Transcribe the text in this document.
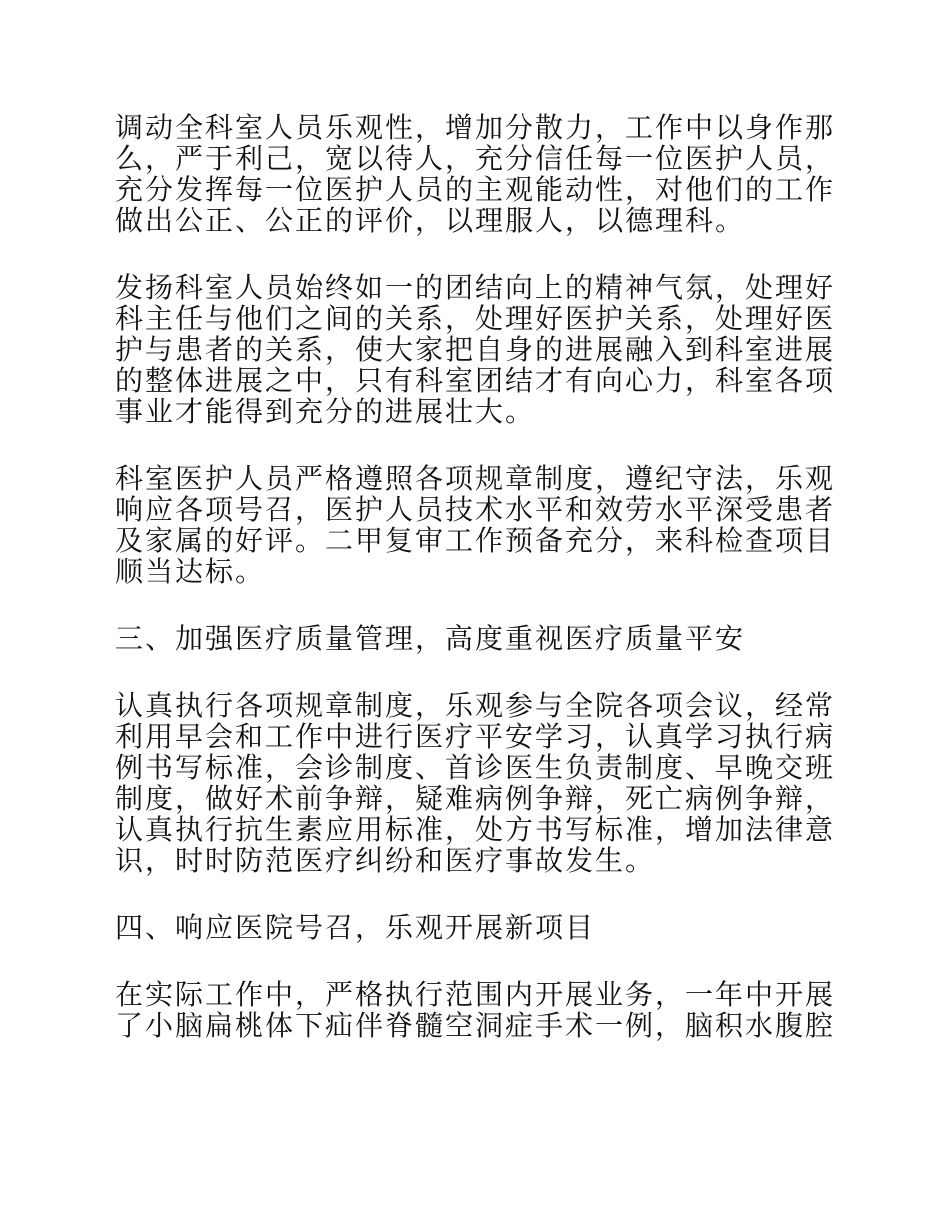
调动全科室人员乐观性，增加分散力，工作中以身作那
么，严于利己，宽以待人，充分信任每一位医护人员，
充分发挥每一位医护人员的主观能动性，对他们的工作
做出公正、公正的评价，以理服人，以德理科。
发扬科室人员始终如一的团结向上的精神气氛，处理好
科主任与他们之间的关系，处理好医护关系，处理好医
护与患者的关系，使大家把自身的进展融入到科室进展
的整体进展之中，只有科室团结才有向心力，科室各项
事业才能得到充分的进展壮大。
科室医护人员严格遵照各项规章制度，遵纪守法，乐观
响应各项号召，医护人员技术水平和效劳水平深受患者
及家属的好评。二甲复审工作预备充分，来科检查项目
顺当达标。
三、加强医疗质量管理，高度重视医疗质量平安
认真执行各项规章制度，乐观参与全院各项会议，经常
利用早会和工作中进行医疗平安学习，认真学习执行病
例书写标准，会诊制度、首诊医生负责制度、早晚交班
制度，做好术前争辩，疑难病例争辩，死亡病例争辩，
认真执行抗生素应用标准，处方书写标准，增加法律意
识，时时防范医疗纠纷和医疗事故发生。
四、响应医院号召，乐观开展新项目
在实际工作中，严格执行范围内开展业务，一年中开展
了小脑扁桃体下疝伴脊髓空洞症手术一例，脑积水腹腔
